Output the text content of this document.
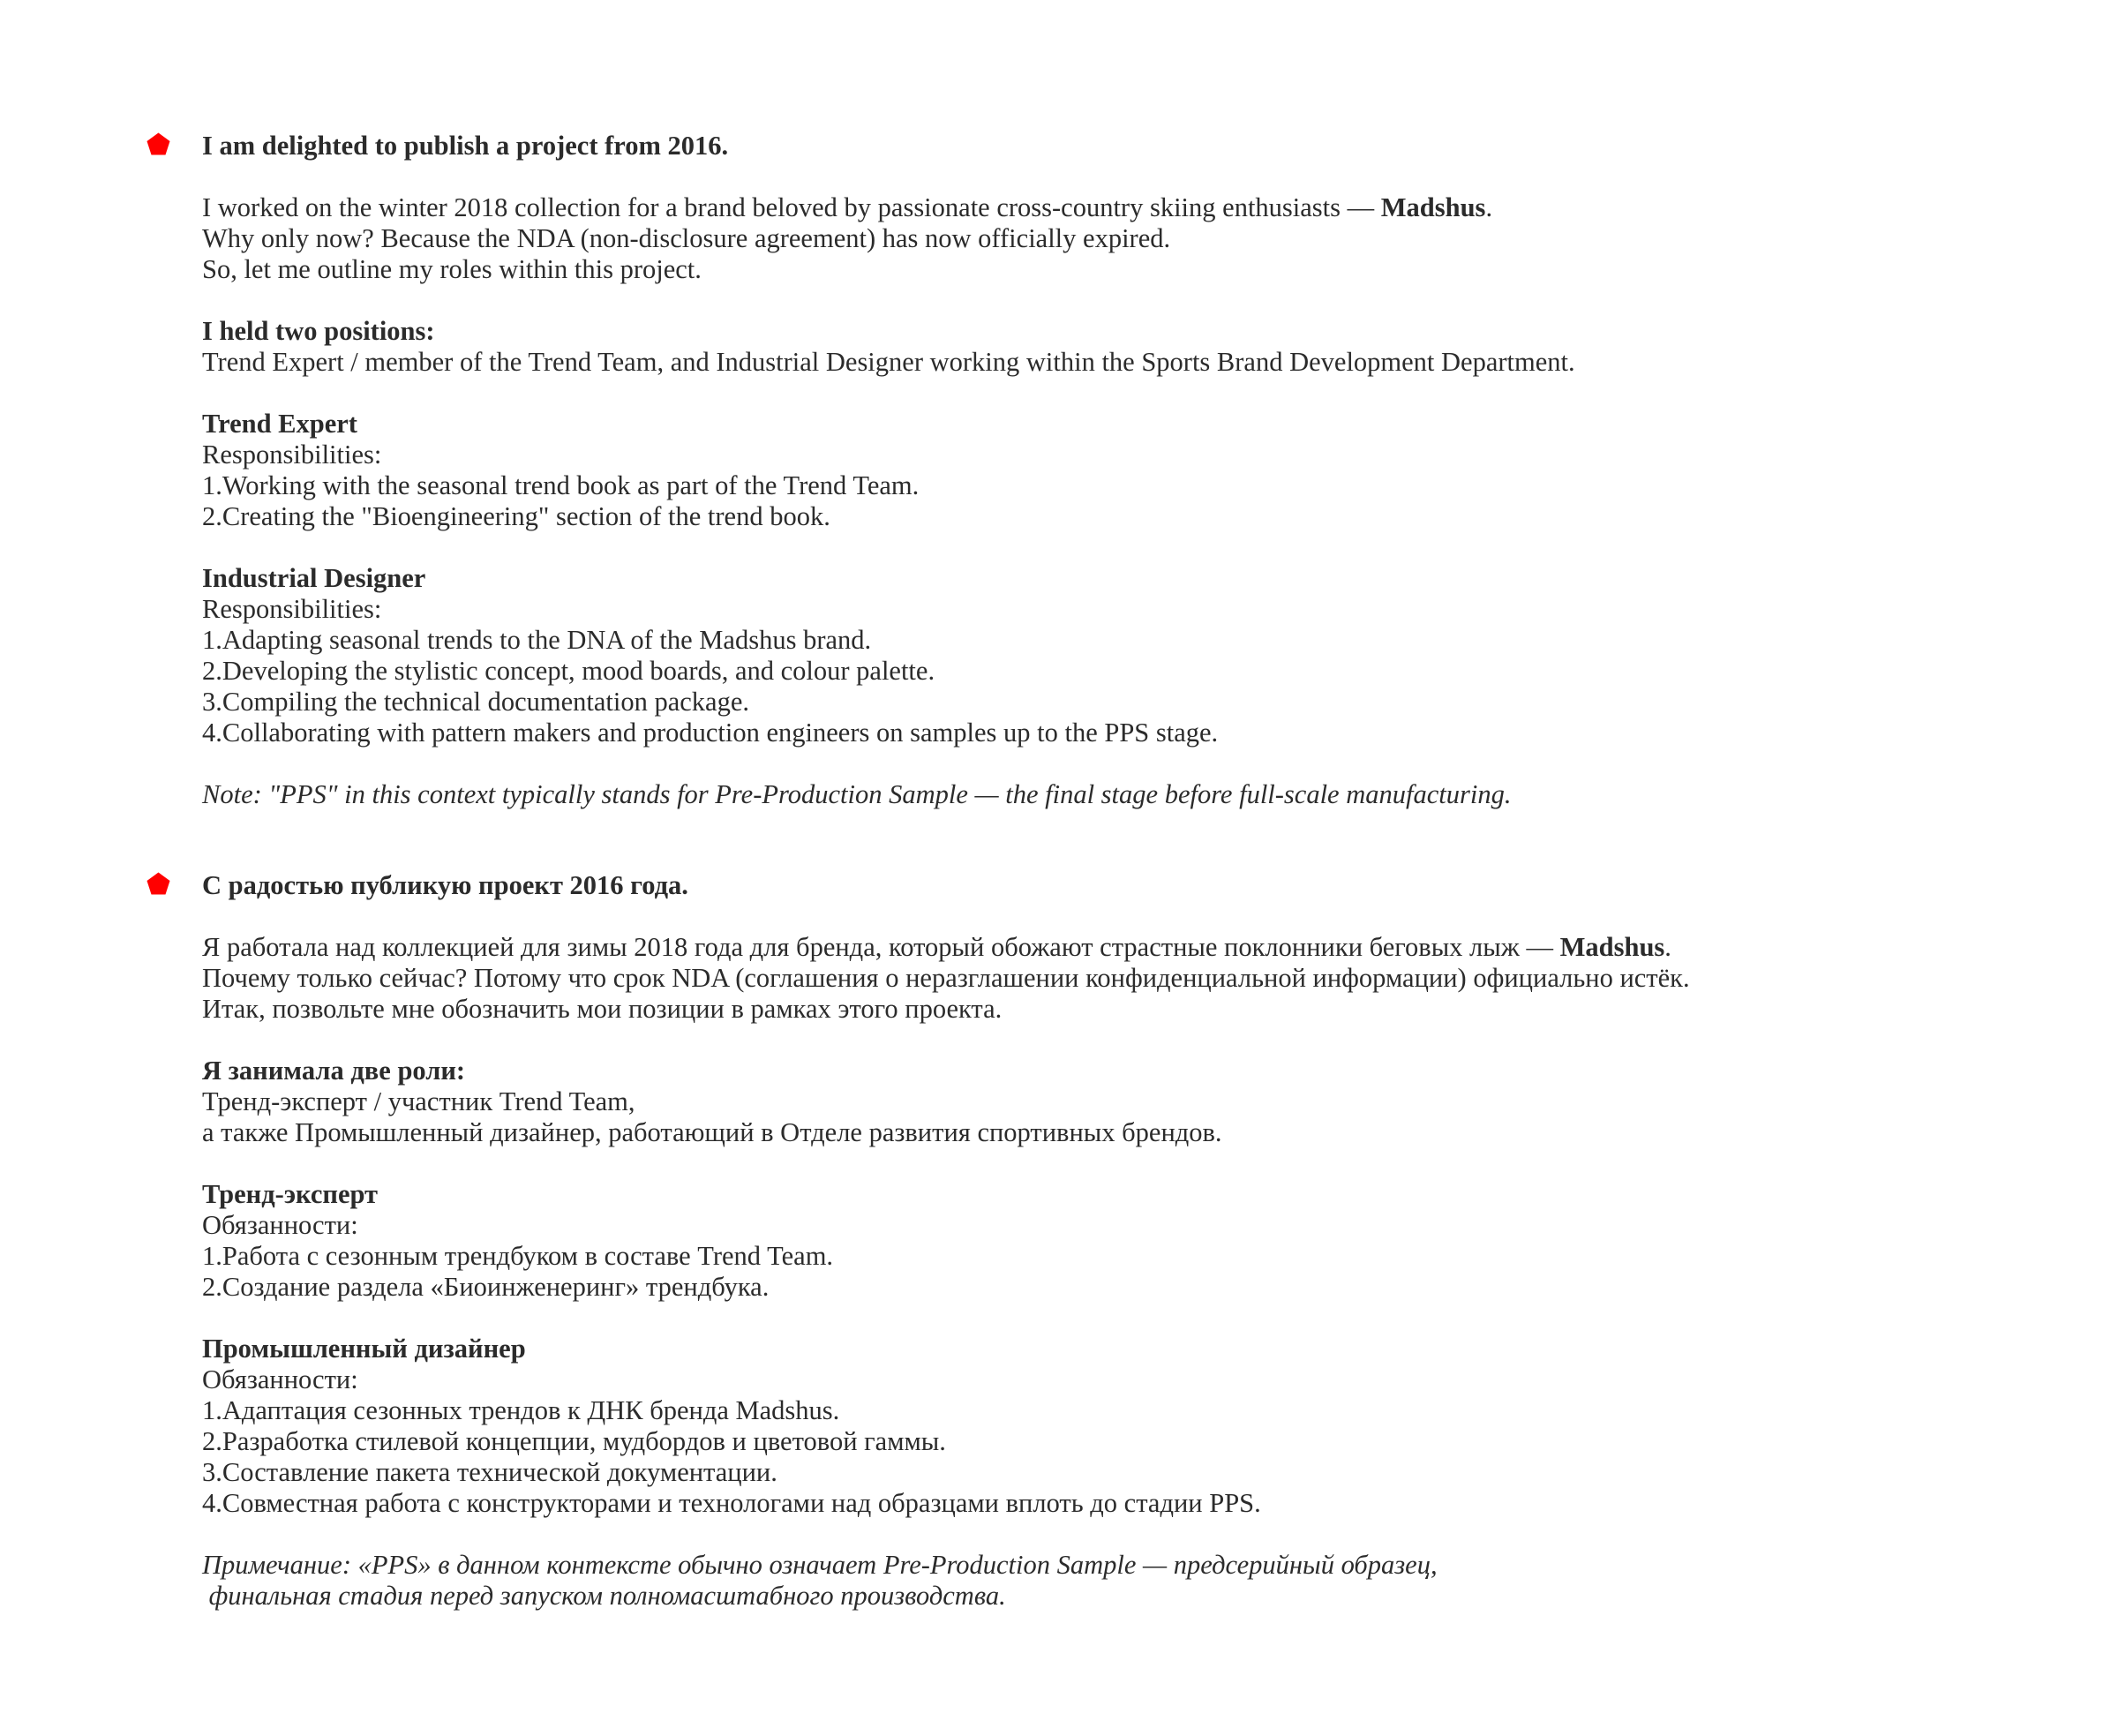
I am delighted to publish a project from 2016.
I worked on the winter 2018 collection for a brand beloved by passionate cross-country skiing enthusiasts — Madshus.
Why only now? Because the NDA (non-disclosure agreement) has now officially expired.
So, let me outline my roles within this project.
I held two positions:
Trend Expert / member of the Trend Team, and Industrial Designer working within the Sports Brand Development Department.
Trend Expert
Responsibilities:
1.Working with the seasonal trend book as part of the Trend Team.
2.Creating the "Bioengineering" section of the trend book.
Industrial Designer
Responsibilities:
1.Adapting seasonal trends to the DNA of the Madshus brand.
2.Developing the stylistic concept, mood boards, and colour palette.
3.Compiling the technical documentation package.
4.Collaborating with pattern makers and production engineers on samples up to the PPS stage.
Note: "PPS" in this context typically stands for Pre-Production Sample — the final stage before full-scale manufacturing.
С радостью публикую проект 2016 года.
Я работала над коллекцией для зимы 2018 года для бренда, который обожают страстные поклонники беговых лыж — Madshus.
Почему только сейчас? Потому что срок NDA (соглашения о неразглашении конфиденциальной информации) официально истёк.
Итак, позвольте мне обозначить мои позиции в рамках этого проекта.
Я занимала две роли:
Тренд-эксперт / участник Trend Team,
а также Промышленный дизайнер, работающий в Отделе развития спортивных брендов.
Тренд-эксперт
Обязанности:
1.Работа с сезонным трендбуком в составе Trend Team.
2.Создание раздела «Биоинженеринг» трендбука.
Промышленный дизайнер
Обязанности:
1.Адаптация сезонных трендов к ДНК бренда Madshus.
2.Разработка стилевой концепции, мудбордов и цветовой гаммы.
3.Составление пакета технической документации.
4.Совместная работа с конструкторами и технологами над образцами вплоть до стадии PPS.
Примечание: «PPS» в данном контексте обычно означает Pre-Production Sample — предсерийный образец,
финальная стадия перед запуском полномасштабного производства.
